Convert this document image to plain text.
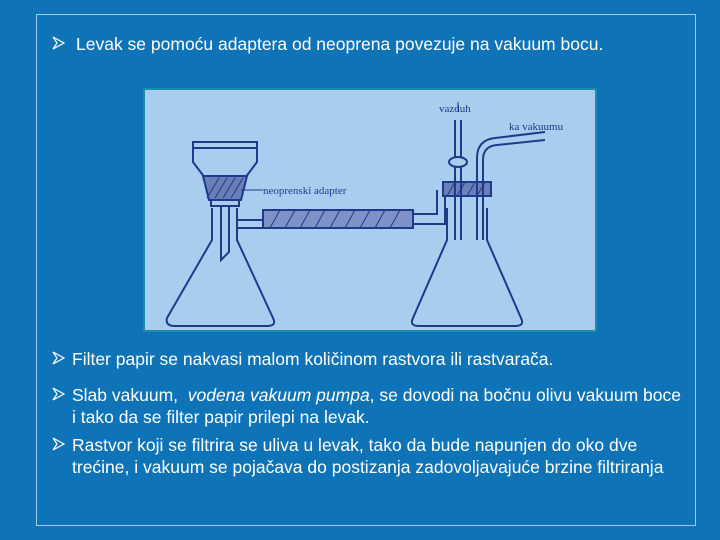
Levak se pomoću adaptera od neoprena povezuje na vakuum bocu.
neoprenski adapter
vazduh
ka vakuumu
Filter papir se nakvasi malom količinom rastvora ili rastvarača.
Slab vakuum,  vodena vakuum pumpa, se dovodi na bočnu olivu vakuum boce i tako da se filter papir prilepi na levak.
Rastvor koji se filtrira se uliva u levak, tako da bude napunjen do oko dve trećine, i vakuum se pojačava do postizanja zadovoljavajuće brzine filtriranja
